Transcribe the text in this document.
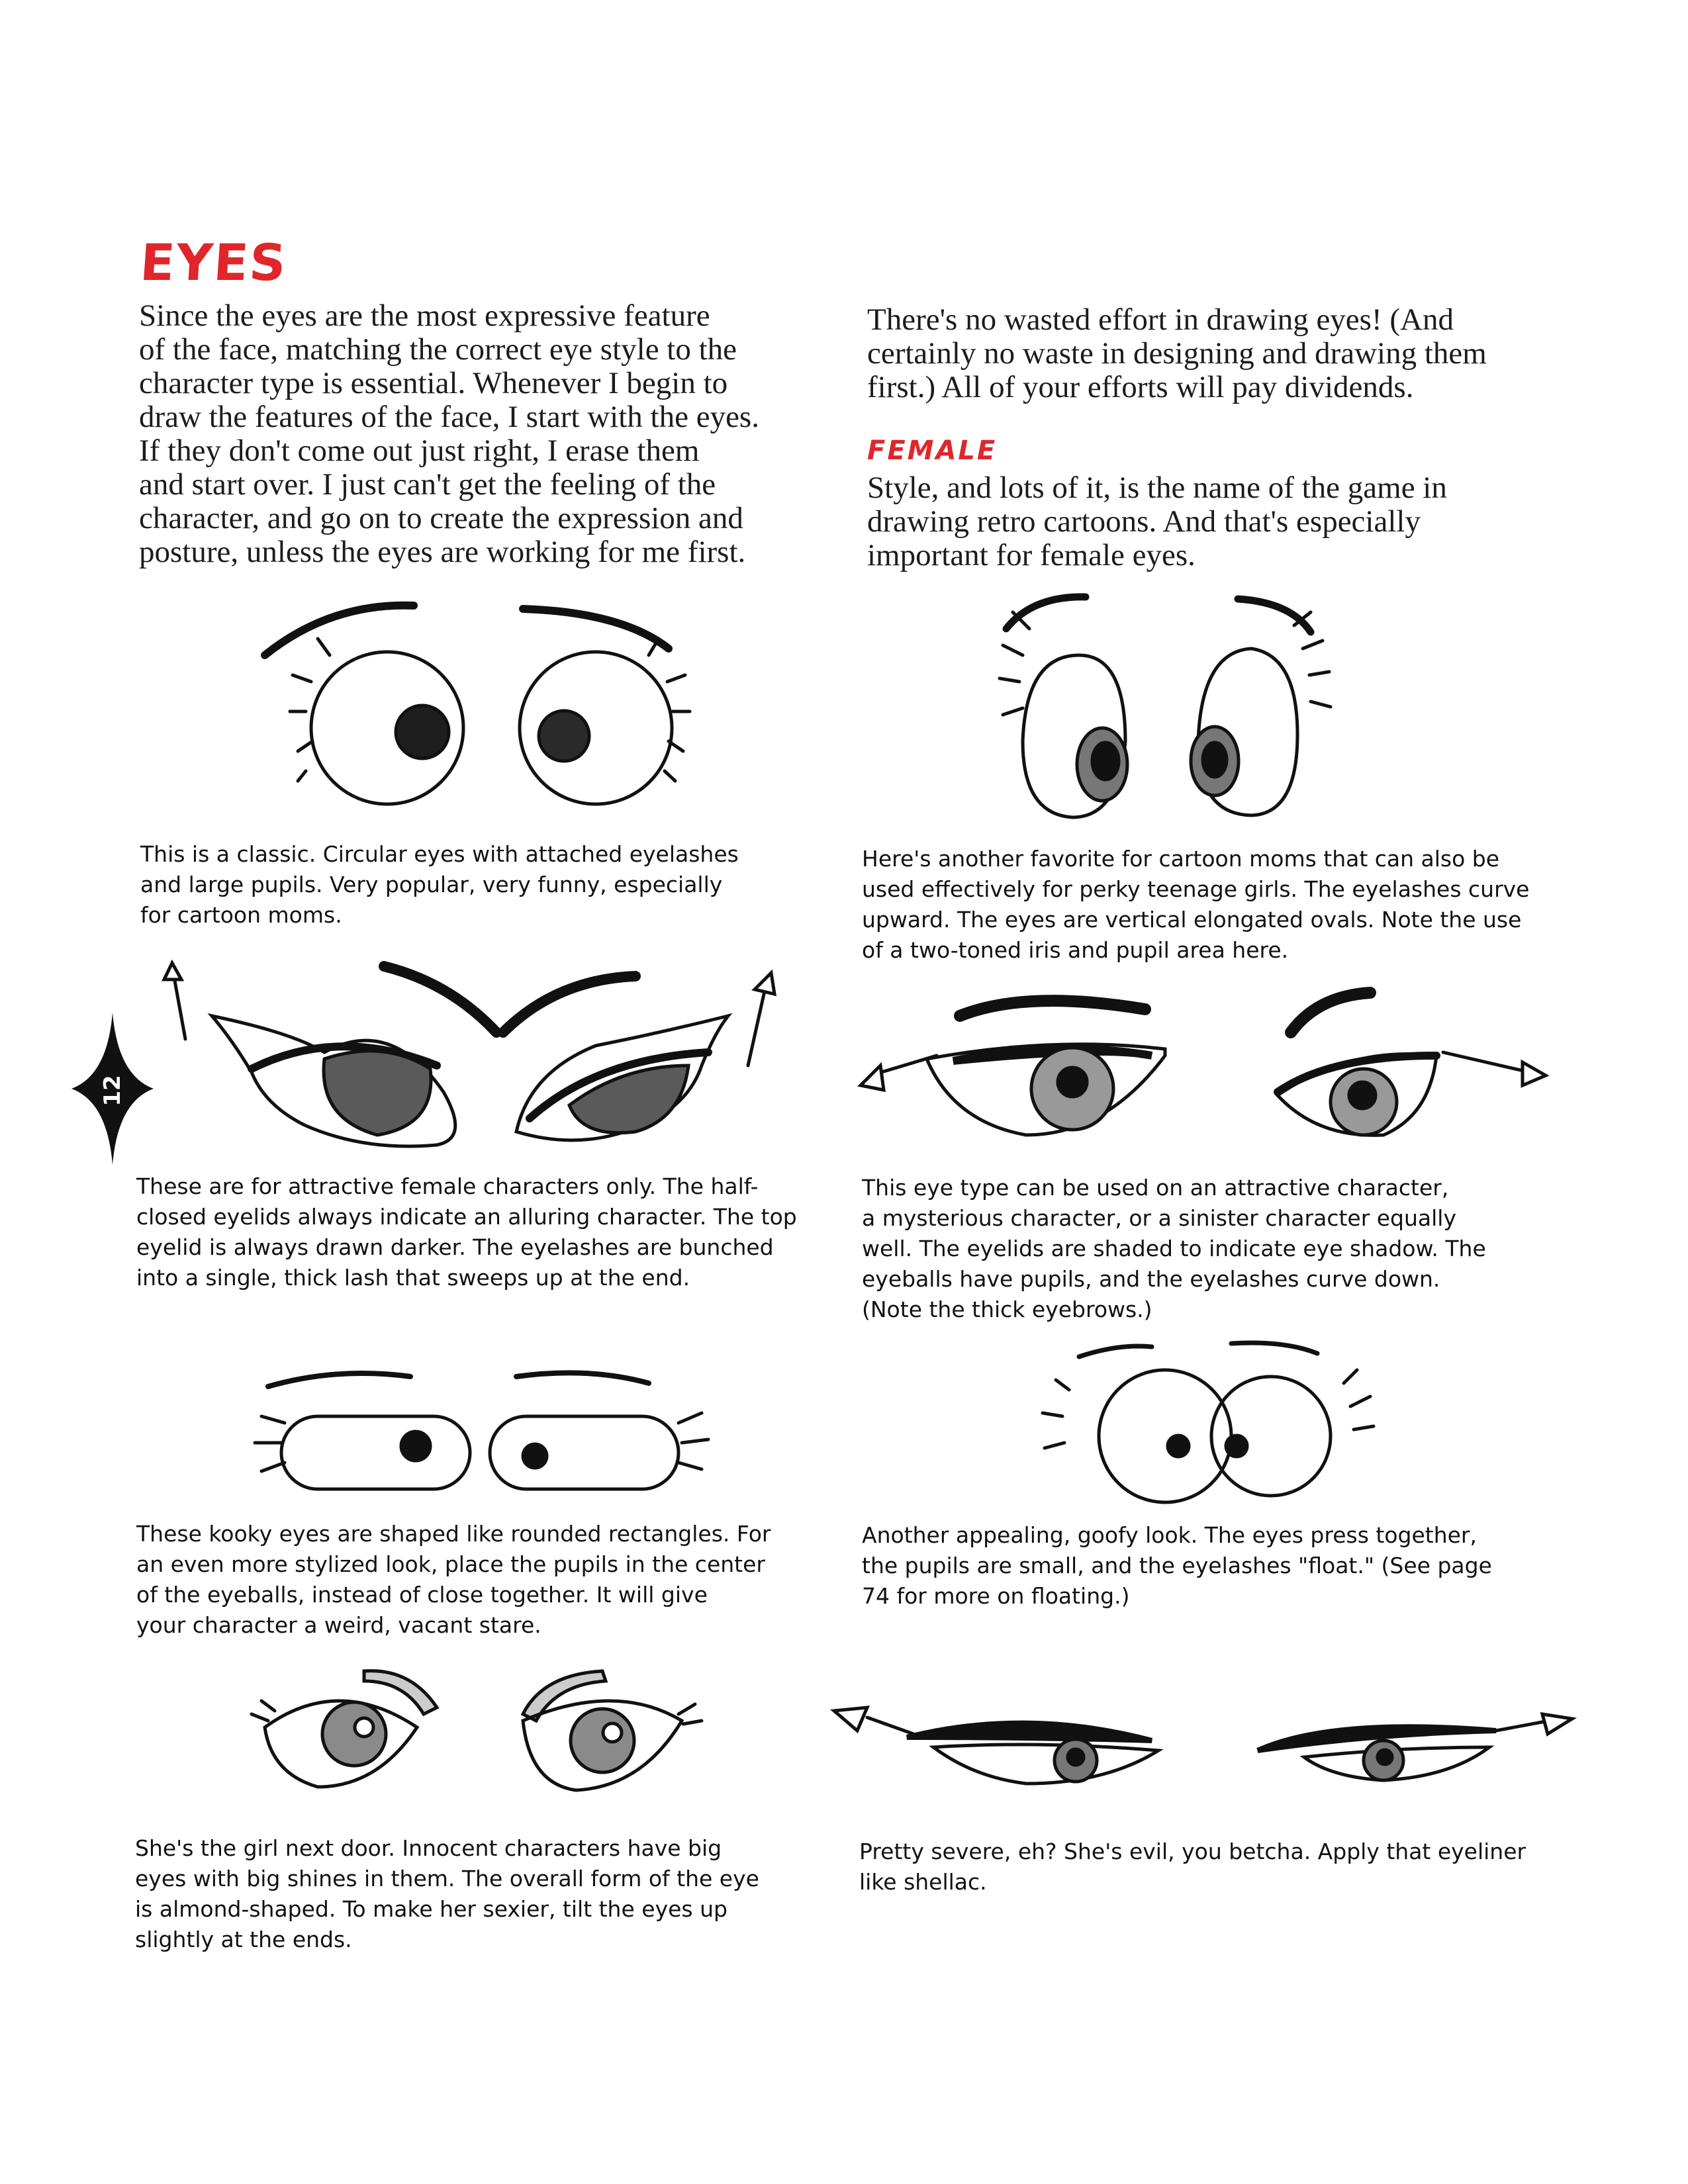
EYES

Since the eyes are the most expressive feature

of the face, matching the correct eye style to the

character type is essential. Whenever I begin to

draw the features of the face, I start with the eyes.

If they don't come out just right, I erase them

and start over. I just can't get the feeling of the

character, and go on to create the expression and

posture, unless the eyes are working for me first.

There's no wasted effort in drawing eyes! (And

certainly no waste in designing and drawing them

first.) All of your efforts will pay dividends.

FEMALE

Style, and lots of it, is the name of the game in

drawing retro cartoons. And that's especially

important for female eyes.

12

This is a classic. Circular eyes with attached eyelashes

and large pupils. Very popular, very funny, especially

for cartoon moms.

Here's another favorite for cartoon moms that can also be

used effectively for perky teenage girls. The eyelashes curve

upward. The eyes are vertical elongated ovals. Note the use

of a two-toned iris and pupil area here.

These are for attractive female characters only. The half-

closed eyelids always indicate an alluring character. The top

eyelid is always drawn darker. The eyelashes are bunched

into a single, thick lash that sweeps up at the end.

This eye type can be used on an attractive character,

a mysterious character, or a sinister character equally

well. The eyelids are shaded to indicate eye shadow. The

eyeballs have pupils, and the eyelashes curve down.

(Note the thick eyebrows.)

These kooky eyes are shaped like rounded rectangles. For

an even more stylized look, place the pupils in the center

of the eyeballs, instead of close together. It will give

your character a weird, vacant stare.

Another appealing, goofy look. The eyes press together,

the pupils are small, and the eyelashes "float." (See page

74 for more on floating.)

She's the girl next door. Innocent characters have big

eyes with big shines in them. The overall form of the eye

is almond-shaped. To make her sexier, tilt the eyes up

slightly at the ends.

Pretty severe, eh? She's evil, you betcha. Apply that eyeliner

like shellac.
